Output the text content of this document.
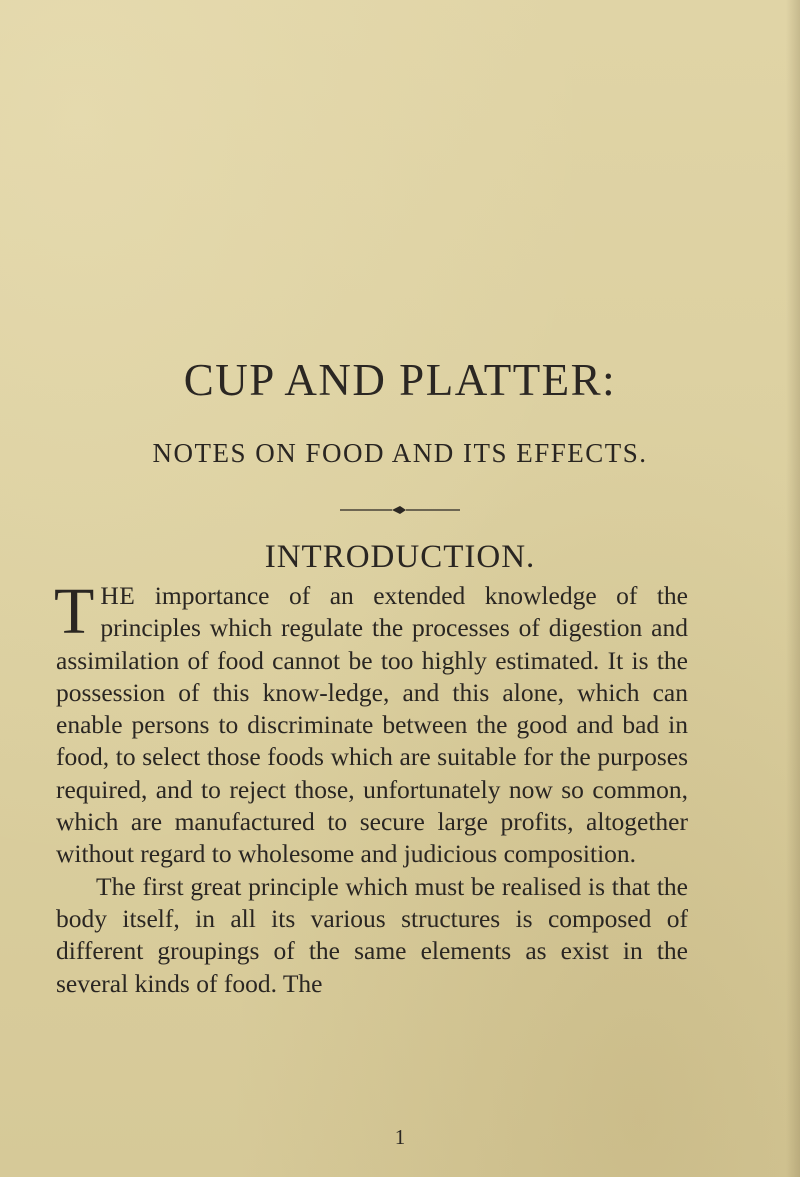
CUP AND PLATTER:
NOTES ON FOOD AND ITS EFFECTS.
INTRODUCTION.

THE importance of an extended knowledge of the principles which regulate the processes of digestion and assimilation of food cannot be too highly estimated. It is the possession of this know-ledge, and this alone, which can enable persons to discriminate between the good and bad in food, to select those foods which are suitable for the purposes required, and to reject those, unfortunately now so common, which are manufactured to secure large profits, altogether without regard to wholesome and judicious composition.

The first great principle which must be realised is that the body itself, in all its various structures is composed of different groupings of the same elements as exist in the several kinds of food. The

1
